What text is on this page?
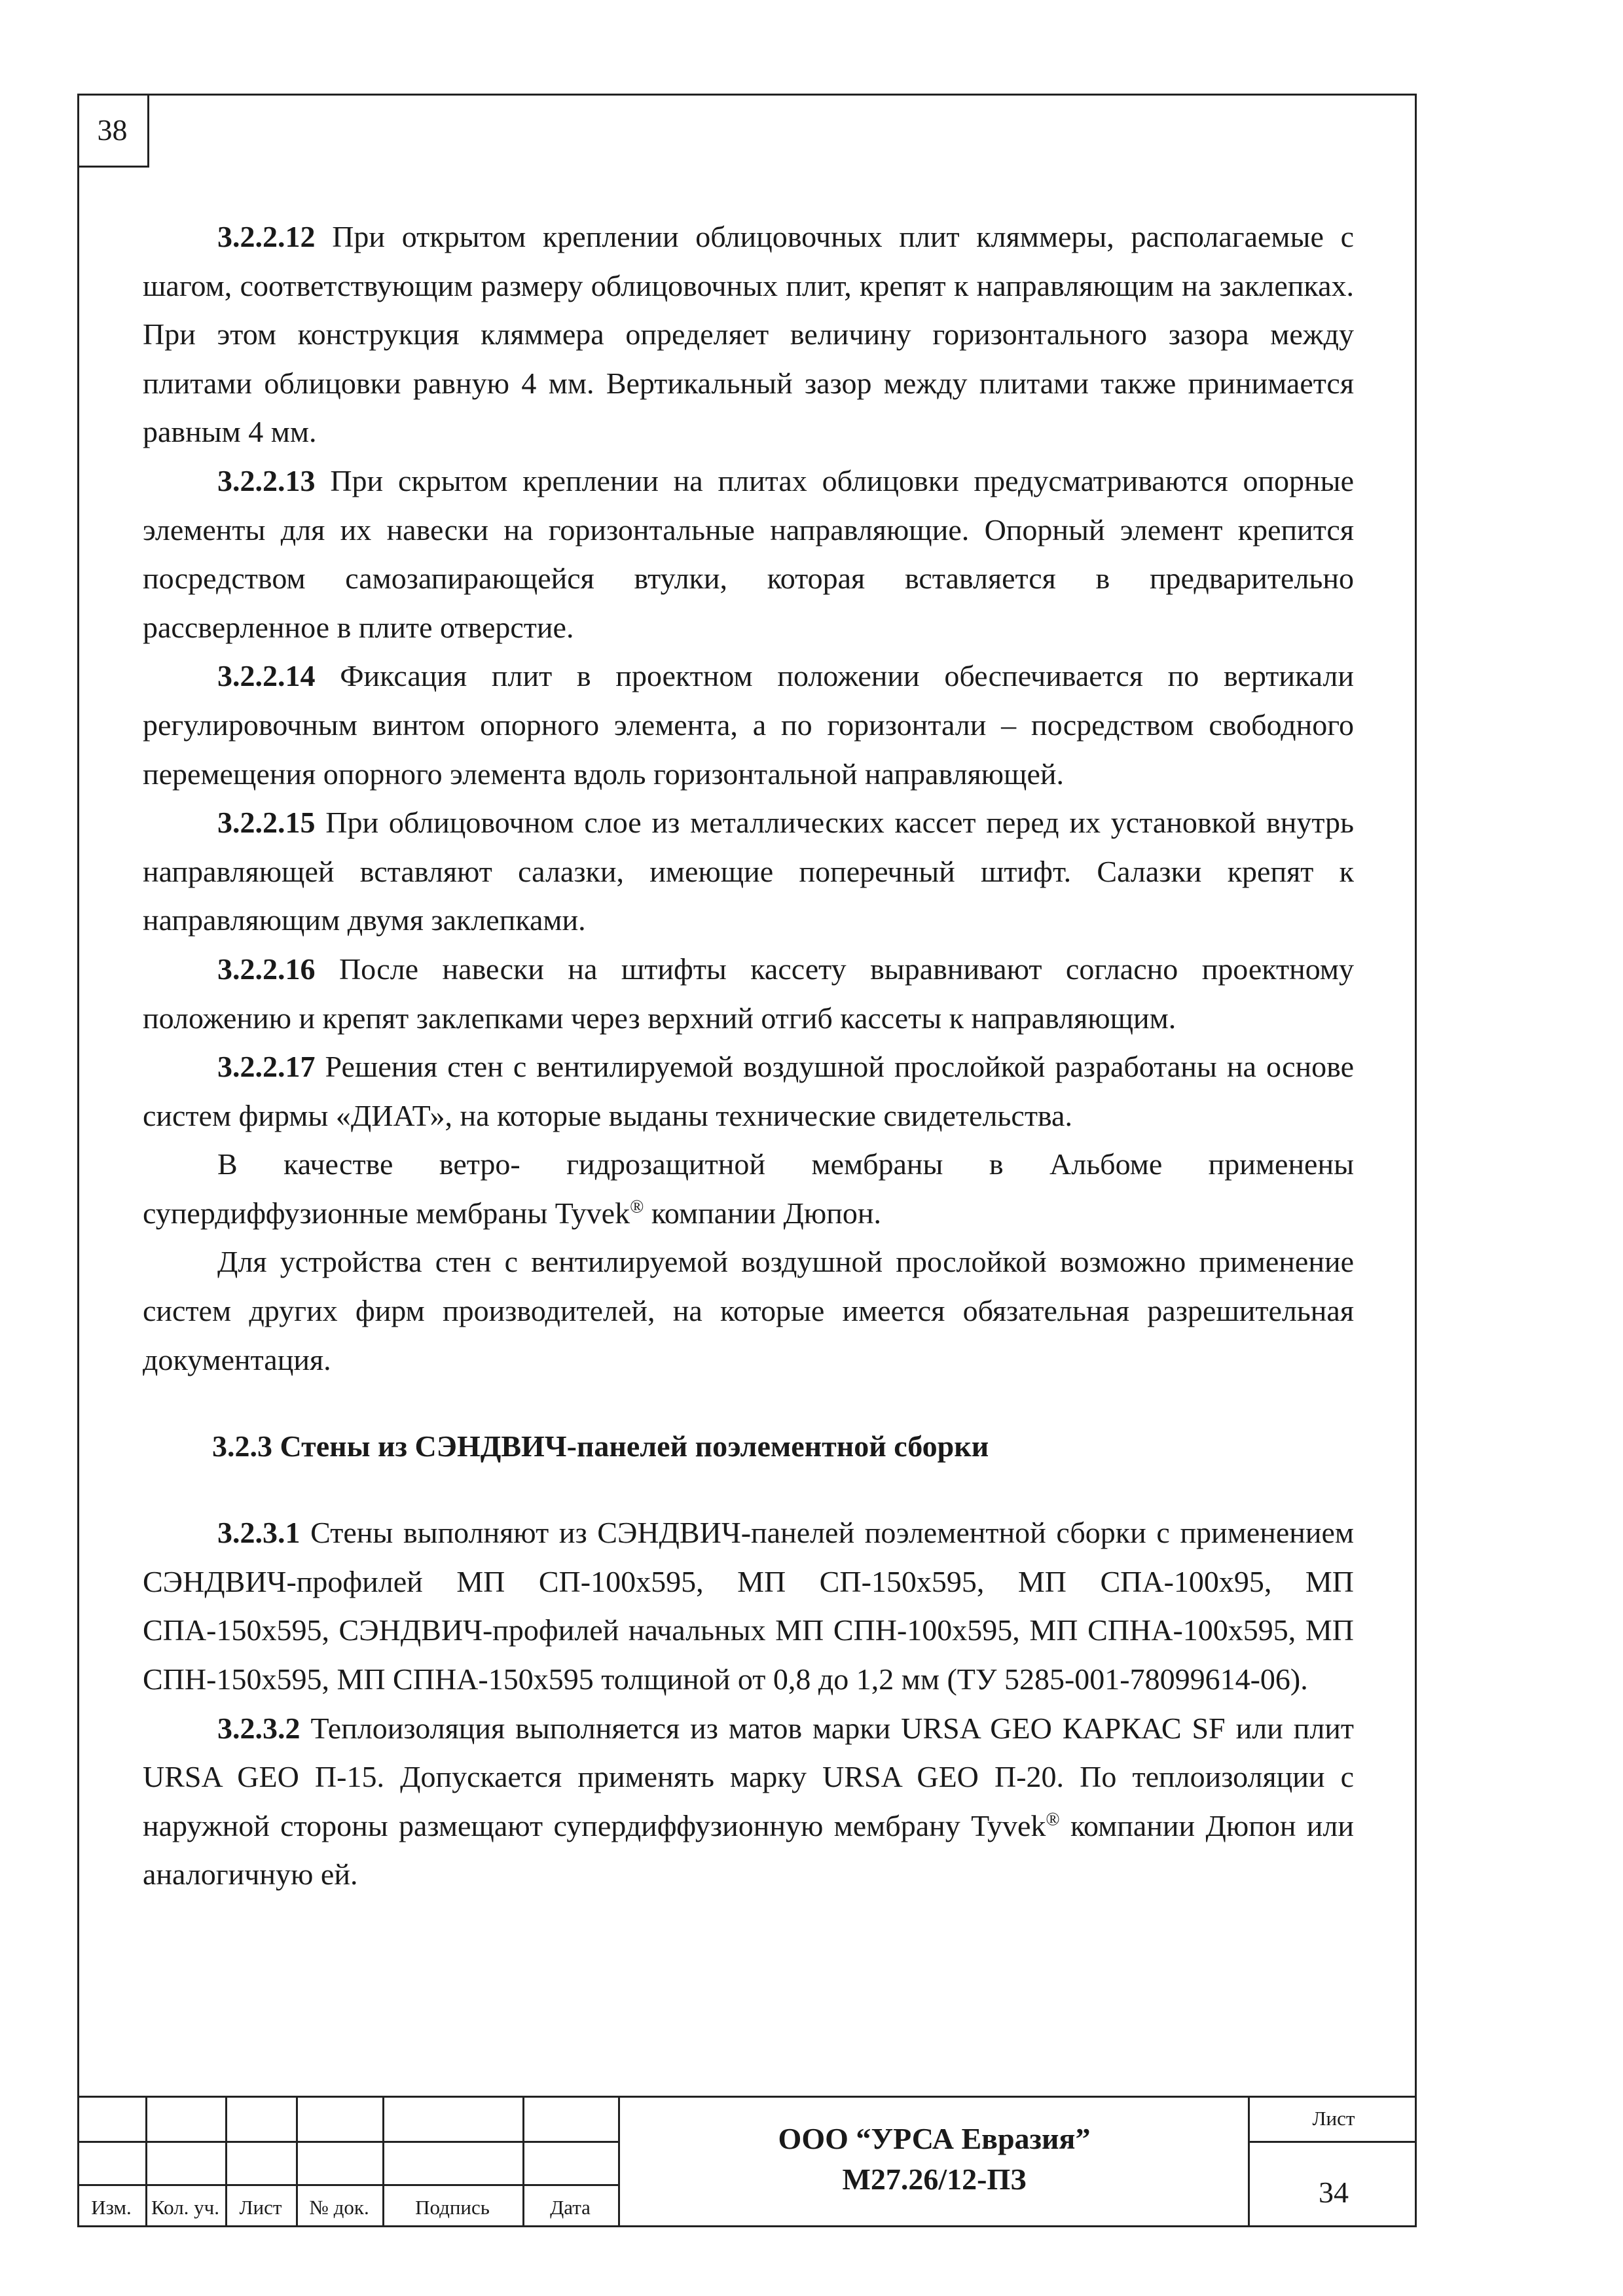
38

3.2.2.12 При открытом креплении облицовочных плит кляммеры, располагаемые с шагом, соответствующим размеру облицовочных плит, крепят к направляющим на заклепках. При этом конструкция кляммера определяет величину горизонтального зазора между плитами облицовки равную 4 мм. Вертикальный зазор между плитами также принимается равным 4 мм.

3.2.2.13 При скрытом креплении на плитах облицовки предусматриваются опорные элементы для их навески на горизонтальные направляющие. Опорный элемент крепится посредством самозапирающейся втулки, которая вставляется в предварительно рассверленное в плите отверстие.

3.2.2.14 Фиксация плит в проектном положении обеспечивается по вертикали регулировочным винтом опорного элемента, а по горизонтали – посредством свободного перемещения опорного элемента вдоль горизонтальной направляющей.

3.2.2.15 При облицовочном слое из металлических кассет перед их установкой внутрь направляющей вставляют салазки, имеющие поперечный штифт. Салазки крепят к направляющим двумя заклепками.

3.2.2.16 После навески на штифты кассету выравнивают согласно проектному положению и крепят заклепками через верхний отгиб кассеты к направляющим.

3.2.2.17 Решения стен с вентилируемой воздушной прослойкой разработаны на основе систем фирмы «ДИАТ», на которые выданы технические свидетельства.

В качестве ветро- гидрозащитной мембраны в Альбоме применены супердиффузионные мембраны Tyvek® компании Дюпон.

Для устройства стен с вентилируемой воздушной прослойкой возможно применение систем других фирм производителей, на которые имеется обязательная разрешительная документация.

3.2.3 Стены из СЭНДВИЧ-панелей поэлементной сборки

3.2.3.1 Стены выполняют из СЭНДВИЧ-панелей поэлементной сборки с применением СЭНДВИЧ-профилей МП СП-100х595, МП СП-150х595, МП СПА-100х95, МП СПА-150х595, СЭНДВИЧ-профилей начальных МП СПН-100х595, МП СПНА-100х595, МП СПН-150х595, МП СПНА-150х595 толщиной от 0,8 до 1,2 мм (ТУ 5285-001-78099614-06).

3.2.3.2 Теплоизоляция выполняется из матов марки URSA GEO КАРКАС SF или плит URSA GEO П-15. Допускается применять марку URSA GEO П-20. По теплоизоляции с наружной стороны размещают супердиффузионную мембрану Tyvek® компании Дюпон или аналогичную ей.

Изм. Кол. уч. Лист	№ док.	Подпись	Дата
ООО “УРСА Евразия”
М27.26/12-ПЗ
Лист
34
